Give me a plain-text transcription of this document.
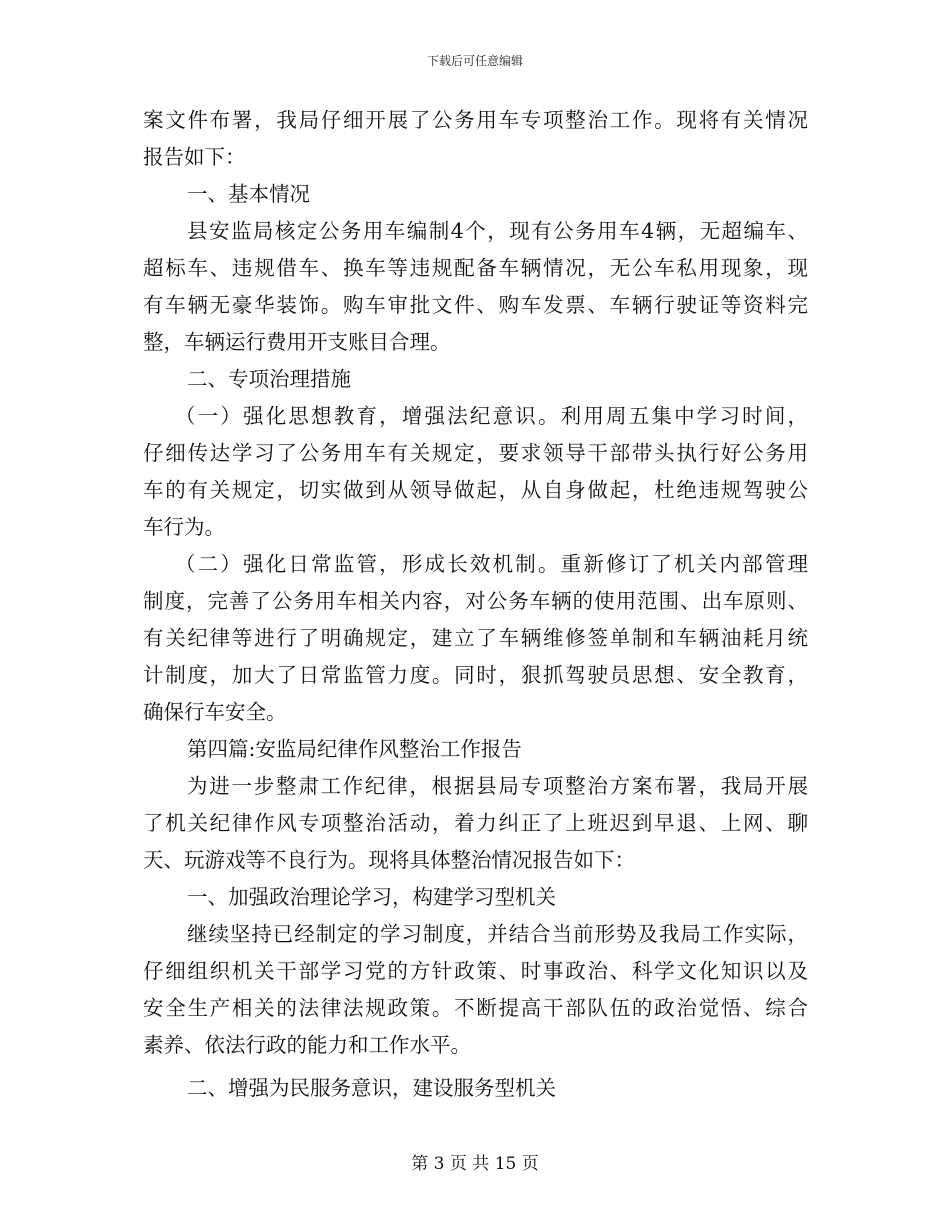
下载后可任意编辑
案文件布署，我局仔细开展了公务用车专项整治工作。现将有关情况
报告如下：
一、基本情况
县安监局核定公务用车编制4个，现有公务用车4辆，无超编车、
超标车、违规借车、换车等违规配备车辆情况，无公车私用现象，现
有车辆无豪华装饰。购车审批文件、购车发票、车辆行驶证等资料完
整，车辆运行费用开支账目合理。
二、专项治理措施
（一）强化思想教育，增强法纪意识。利用周五集中学习时间，
仔细传达学习了公务用车有关规定，要求领导干部带头执行好公务用
车的有关规定，切实做到从领导做起，从自身做起，杜绝违规驾驶公
车行为。
（二）强化日常监管，形成长效机制。重新修订了机关内部管理
制度，完善了公务用车相关内容，对公务车辆的使用范围、出车原则、
有关纪律等进行了明确规定，建立了车辆维修签单制和车辆油耗月统
计制度，加大了日常监管力度。同时，狠抓驾驶员思想、安全教育，
确保行车安全。
第四篇:安监局纪律作风整治工作报告
为进一步整肃工作纪律，根据县局专项整治方案布署，我局开展
了机关纪律作风专项整治活动，着力纠正了上班迟到早退、上网、聊
天、玩游戏等不良行为。现将具体整治情况报告如下：
一、加强政治理论学习，构建学习型机关
继续坚持已经制定的学习制度，并结合当前形势及我局工作实际，
仔细组织机关干部学习党的方针政策、时事政治、科学文化知识以及
安全生产相关的法律法规政策。不断提高干部队伍的政治觉悟、综合
素养、依法行政的能力和工作水平。
二、增强为民服务意识，建设服务型机关
第 3 页 共 15 页
